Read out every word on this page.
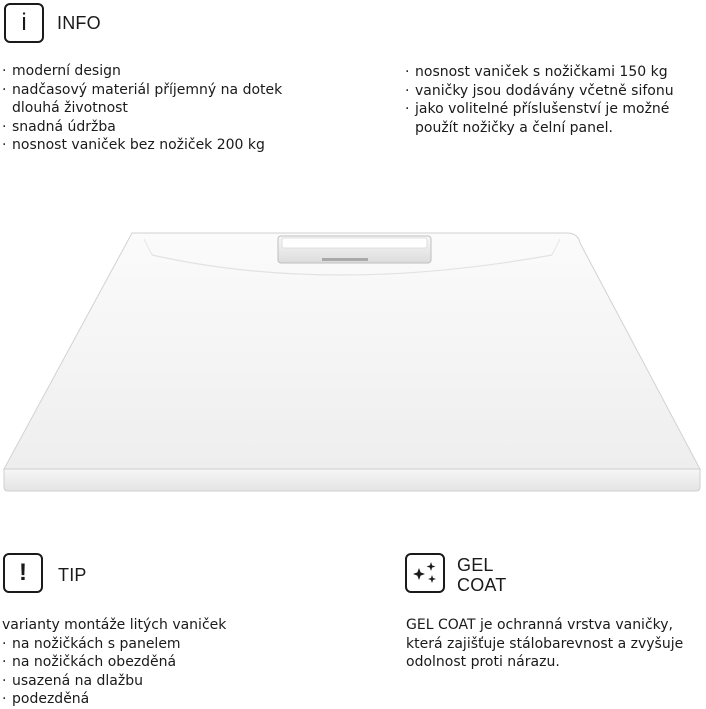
i INFO
· moderní design
· nadčasový materiál příjemný na dotek
dlouhá životnost
· snadná údržba
· nosnost vaniček bez nožiček 200 kg
· nosnost vaniček s nožičkami 150 kg
· vaničky jsou dodávány včetně sifonu
· jako volitelné příslušenství je možné
použít nožičky a čelní panel.
! TIP
varianty montáže litých vaniček
· na nožičkách s panelem
· na nožičkách obezděná
· usazená na dlažbu
· podezděná
GEL
COAT
GEL COAT je ochranná vrstva vaničky,
která zajišťuje stálobarevnost a zvyšuje
odolnost proti nárazu.
